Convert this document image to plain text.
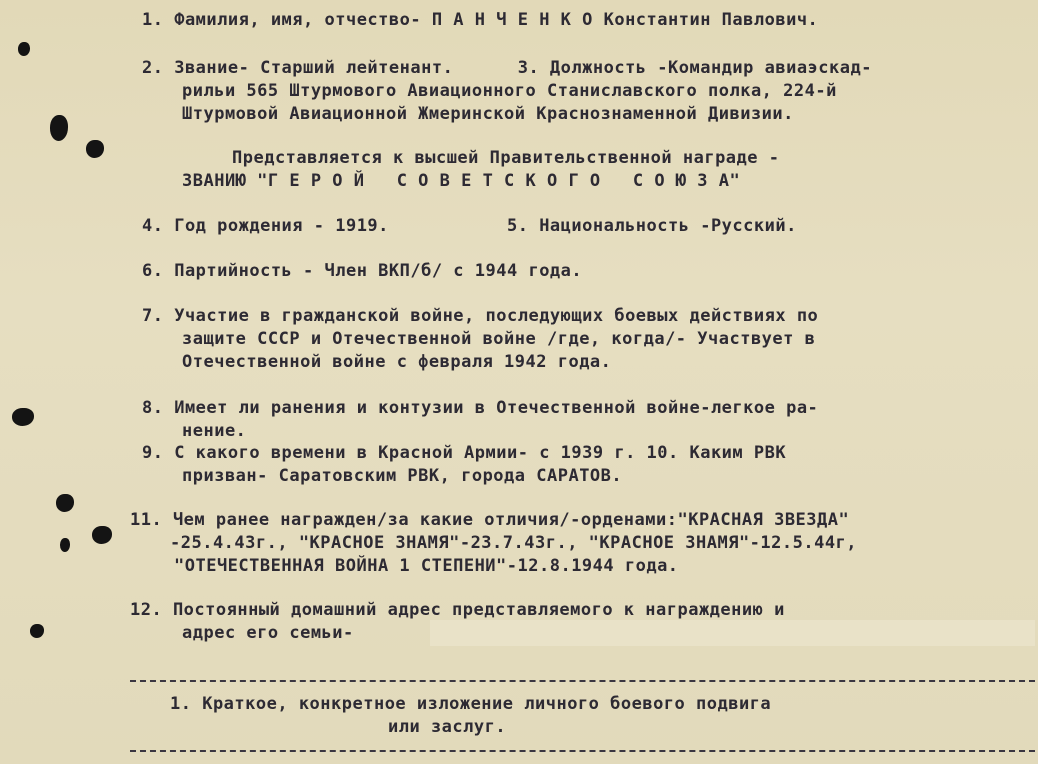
1. Фамилия, имя, отчество- П А Н Ч Е Н К О Константин Павлович.
2. Звание- Старший лейтенант.      3. Должность -Командир авиаэскад-
рильи 565 Штурмового Авиационного Станиславского полка, 224-й
Штурмовой Авиационной Жмеринской Краснознаменной Дивизии.
Представляется к высшей Правительственной награде -
ЗВАНИЮ "Г Е Р О Й   С О В Е Т С К О Г О   С О Ю З А"
4. Год рождения - 1919.           5. Национальность -Русский.
6. Партийность - Член ВКП/б/ с 1944 года.
7. Участие в гражданской войне, последующих боевых действиях по
защите СССР и Отечественной войне /где, когда/- Участвует в
Отечественной войне с февраля 1942 года.
8. Имеет ли ранения и контузии в Отечественной войне-легкое ра-
нение.
9. С какого времени в Красной Армии- с 1939 г. 10. Каким РВК
призван- Саратовским РВК, города САРАТОВ.
11. Чем ранее награжден/за какие отличия/-орденами:"КРАСНАЯ ЗВЕЗДА"
-25.4.43г., "КРАСНОЕ ЗНАМЯ"-23.7.43г., "КРАСНОЕ ЗНАМЯ"-12.5.44г,
"ОТЕЧЕСТВЕННАЯ ВОЙНА 1 СТЕПЕНИ"-12.8.1944 года.
12. Постоянный домашний адрес представляемого к награждению и
адрес его семьи-
1. Краткое, конкретное изложение личного боевого подвига
или заслуг.
